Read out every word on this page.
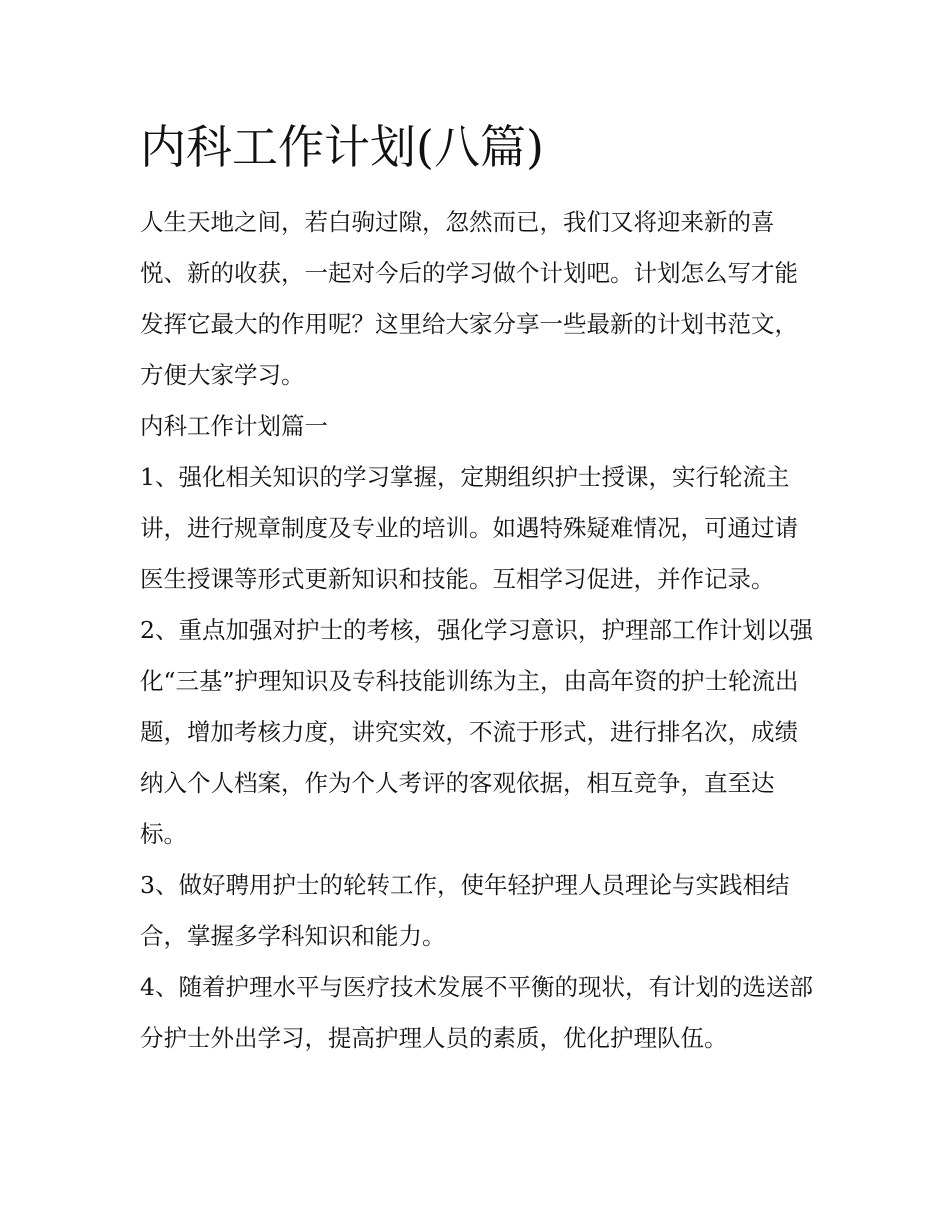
内科工作计划(八篇)

人生天地之间，若白驹过隙，忽然而已，我们又将迎来新的喜悦、新的收获，一起对今后的学习做个计划吧。计划怎么写才能发挥它最大的作用呢？这里给大家分享一些最新的计划书范文，方便大家学习。

内科工作计划篇一

1、强化相关知识的学习掌握，定期组织护士授课，实行轮流主讲，进行规章制度及专业的培训。如遇特殊疑难情况，可通过请医生授课等形式更新知识和技能。互相学习促进，并作记录。

2、重点加强对护士的考核，强化学习意识，护理部工作计划以强化“三基”护理知识及专科技能训练为主，由高年资的护士轮流出题，增加考核力度，讲究实效，不流于形式，进行排名次，成绩纳入个人档案，作为个人考评的客观依据，相互竞争，直至达标。

3、做好聘用护士的轮转工作，使年轻护理人员理论与实践相结合，掌握多学科知识和能力。

4、随着护理水平与医疗技术发展不平衡的现状，有计划的选送部分护士外出学习，提高护理人员的素质，优化护理队伍。
